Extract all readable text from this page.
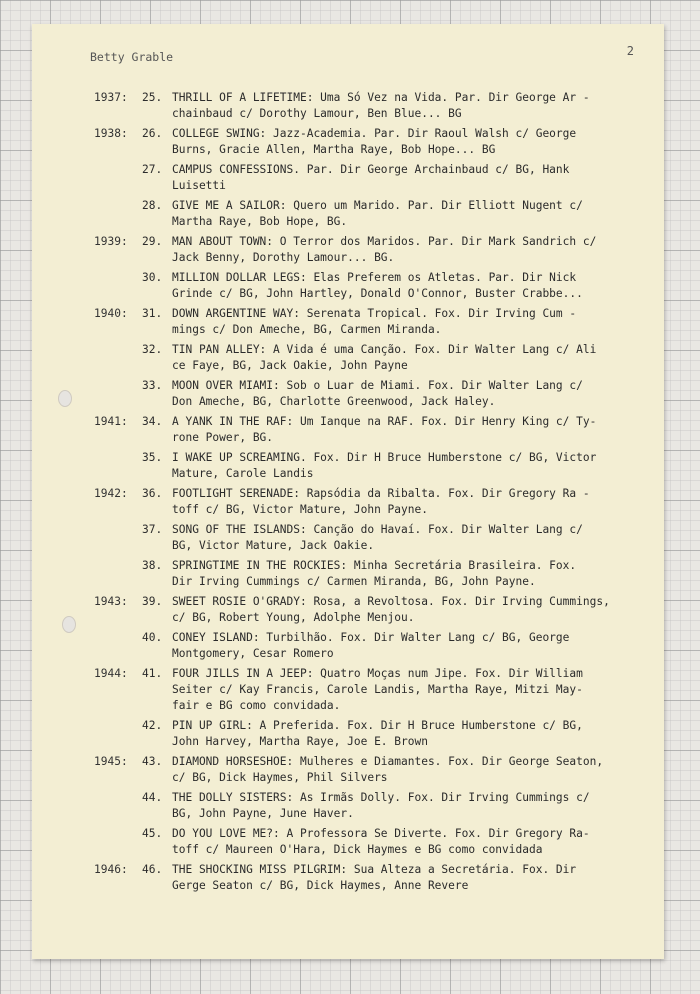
Betty Grable	2
1937:	25. THRILL OF A LIFETIME: Uma Só Vez na Vida. Par. Dir George Ar -
chainbaud c/ Dorothy Lamour, Ben Blue... BG
1938:	26. COLLEGE SWING: Jazz-Academia. Par. Dir Raoul Walsh c/ George
Burns, Gracie Allen, Martha Raye, Bob Hope... BG
27. CAMPUS CONFESSIONS. Par. Dir George Archainbaud c/ BG, Hank
Luisetti
28. GIVE ME A SAILOR: Quero um Marido. Par. Dir Elliott Nugent c/
Martha Raye, Bob Hope, BG.
1939:	29. MAN ABOUT TOWN: O Terror dos Maridos. Par. Dir Mark Sandrich c/
Jack Benny, Dorothy Lamour... BG.
30. MILLION DOLLAR LEGS: Elas Preferem os Atletas. Par. Dir Nick
Grinde c/ BG, John Hartley, Donald O'Connor, Buster Crabbe...
1940:	31. DOWN ARGENTINE WAY: Serenata Tropical. Fox. Dir Irving Cum -
mings c/ Don Ameche, BG, Carmen Miranda.
32. TIN PAN ALLEY: A Vida é uma Canção. Fox. Dir Walter Lang c/ Ali
ce Faye, BG, Jack Oakie, John Payne
33. MOON OVER MIAMI: Sob o Luar de Miami. Fox. Dir Walter Lang c/
Don Ameche, BG, Charlotte Greenwood, Jack Haley.
1941:	34. A YANK IN THE RAF: Um Ianque na RAF. Fox. Dir Henry King c/ Ty-
rone Power, BG.
35. I WAKE UP SCREAMING. Fox. Dir H Bruce Humberstone c/ BG, Victor
Mature, Carole Landis
1942:	36. FOOTLIGHT SERENADE: Rapsódia da Ribalta. Fox. Dir Gregory Ra -
toff c/ BG, Victor Mature, John Payne.
37. SONG OF THE ISLANDS: Canção do Havaí. Fox. Dir Walter Lang c/
BG, Victor Mature, Jack Oakie.
38. SPRINGTIME IN THE ROCKIES: Minha Secretária Brasileira. Fox.
Dir Irving Cummings c/ Carmen Miranda, BG, John Payne.
1943:	39. SWEET ROSIE O'GRADY: Rosa, a Revoltosa. Fox. Dir Irving Cummings,
c/ BG, Robert Young, Adolphe Menjou.
40. CONEY ISLAND: Turbilhão. Fox. Dir Walter Lang c/ BG, George
Montgomery, Cesar Romero
1944:	41. FOUR JILLS IN A JEEP: Quatro Moças num Jipe. Fox. Dir William
Seiter c/ Kay Francis, Carole Landis, Martha Raye, Mitzi May-
fair e BG como convidada.
42. PIN UP GIRL: A Preferida. Fox. Dir H Bruce Humberstone c/ BG,
John Harvey, Martha Raye, Joe E. Brown
1945:	43. DIAMOND HORSESHOE: Mulheres e Diamantes. Fox. Dir George Seaton,
c/ BG, Dick Haymes, Phil Silvers
44. THE DOLLY SISTERS: As Irmãs Dolly. Fox. Dir Irving Cummings c/
BG, John Payne, June Haver.
45. DO YOU LOVE ME?: A Professora Se Diverte. Fox. Dir Gregory Ra-
toff c/ Maureen O'Hara, Dick Haymes e BG como convidada
1946:	46. THE SHOCKING MISS PILGRIM: Sua Alteza a Secretária. Fox. Dir
Gerge Seaton c/ BG, Dick Haymes, Anne Revere
